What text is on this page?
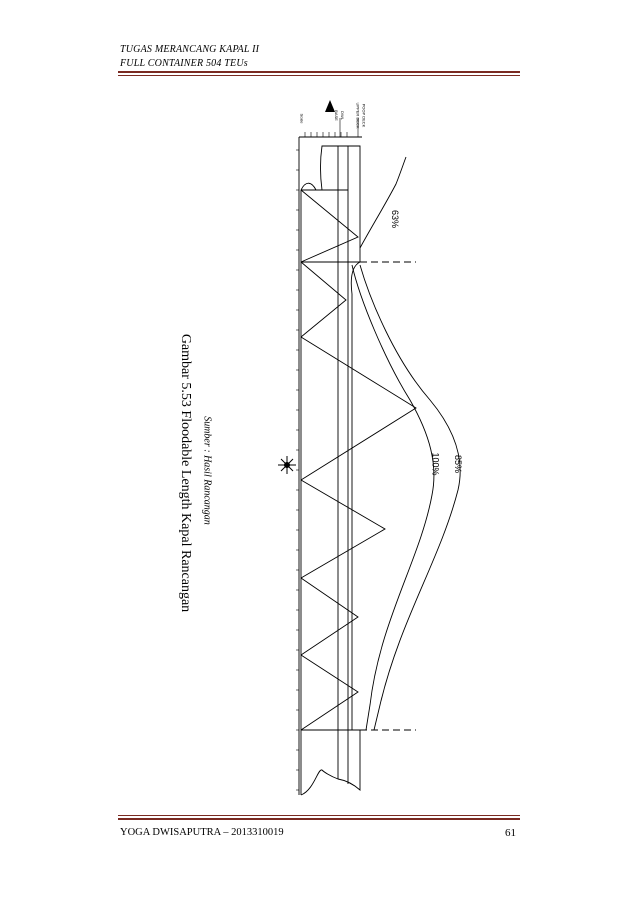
TUGAS MERANCANG KAPAL II
FULL CONTAINER 504 TEUs
Gambar 5.53 Floodable Length Kapal Rancangan Sumber : Hasil Rancangan
63%
100% 85%
POOP DECK
UPPER DECK
DWL
BASE
Scale
YOGA DWISAPUTRA – 2013310019	61
